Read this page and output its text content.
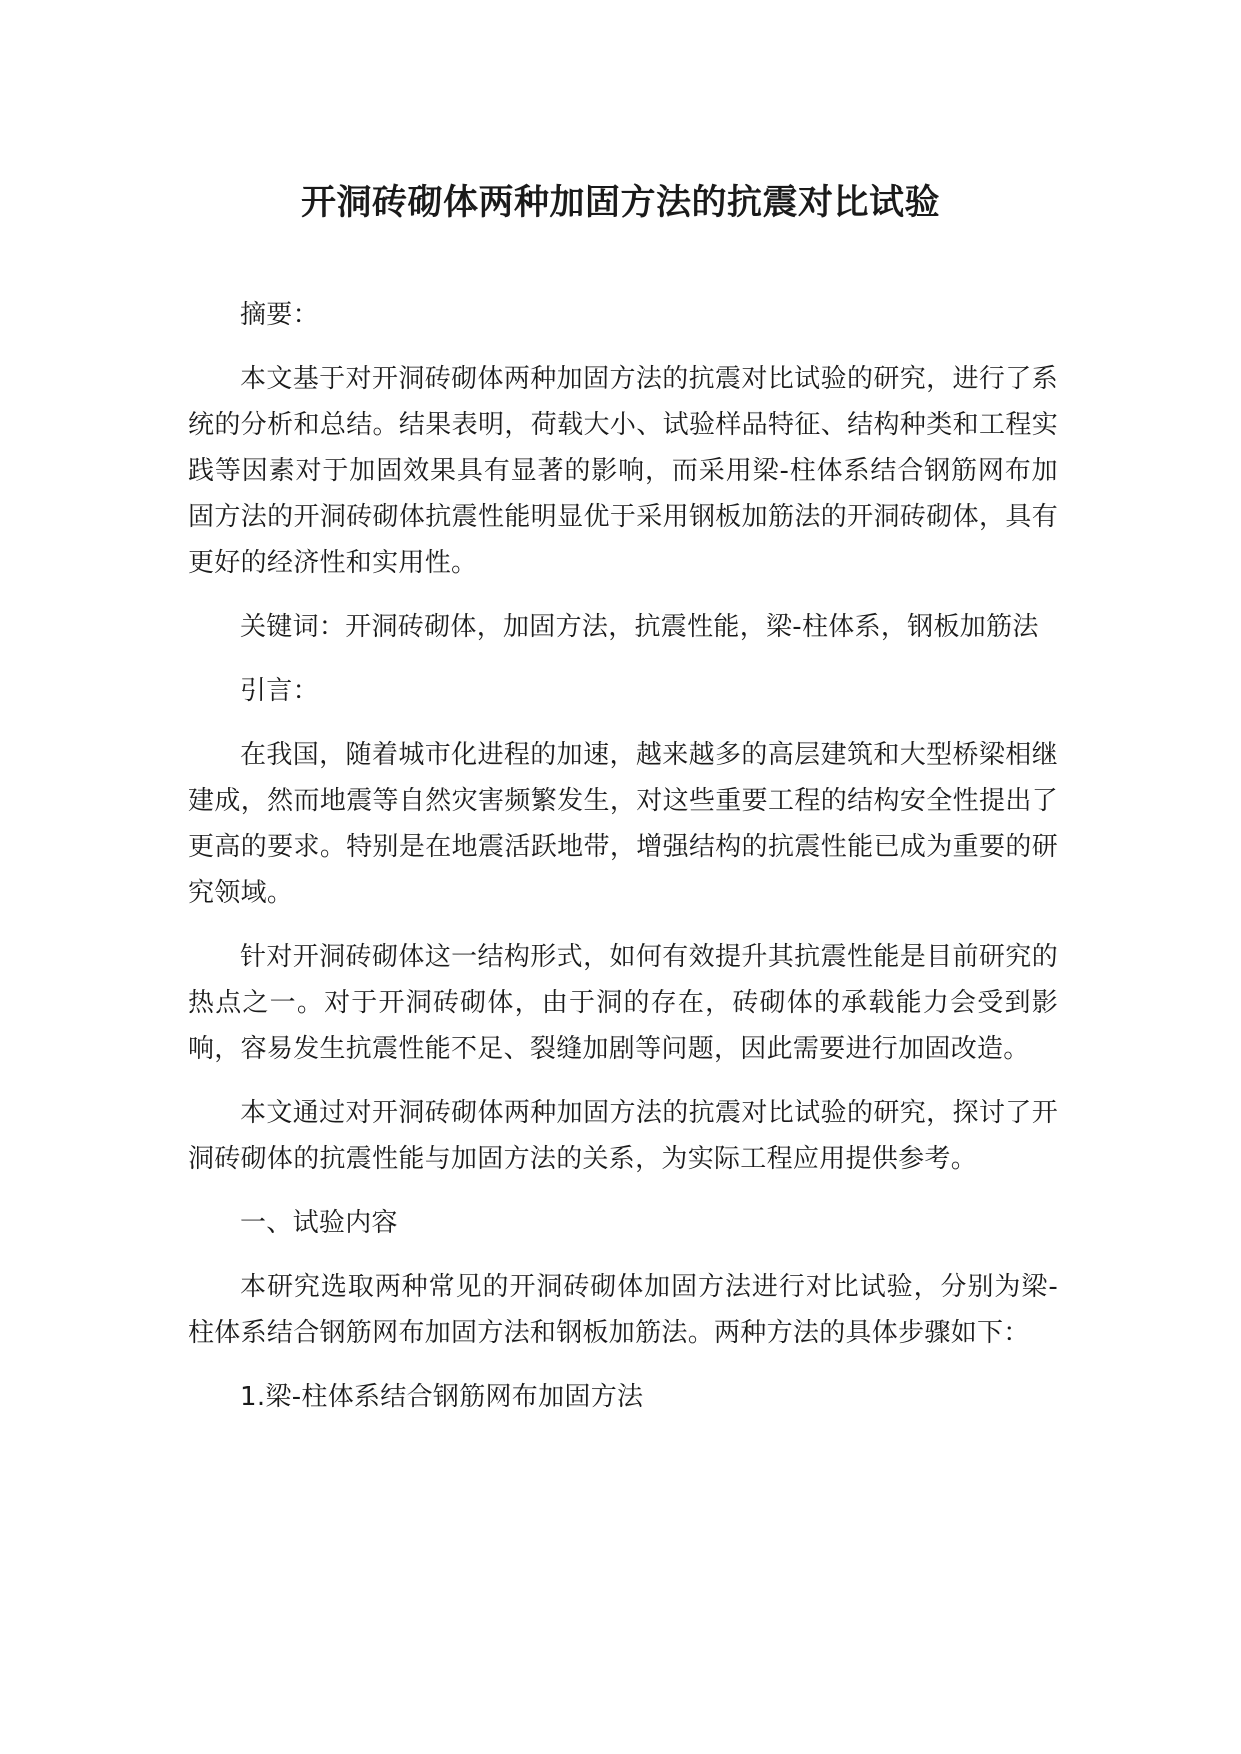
开洞砖砌体两种加固方法的抗震对比试验

摘要：

本文基于对开洞砖砌体两种加固方法的抗震对比试验的研究，进行了系统的分析和总结。结果表明，荷载大小、试验样品特征、结构种类和工程实践等因素对于加固效果具有显著的影响，而采用梁-柱体系结合钢筋网布加固方法的开洞砖砌体抗震性能明显优于采用钢板加筋法的开洞砖砌体，具有更好的经济性和实用性。

关键词：开洞砖砌体，加固方法，抗震性能，梁-柱体系，钢板加筋法

引言：

在我国，随着城市化进程的加速，越来越多的高层建筑和大型桥梁相继建成，然而地震等自然灾害频繁发生，对这些重要工程的结构安全性提出了更高的要求。特别是在地震活跃地带，增强结构的抗震性能已成为重要的研究领域。

针对开洞砖砌体这一结构形式，如何有效提升其抗震性能是目前研究的热点之一。对于开洞砖砌体，由于洞的存在，砖砌体的承载能力会受到影响，容易发生抗震性能不足、裂缝加剧等问题，因此需要进行加固改造。

本文通过对开洞砖砌体两种加固方法的抗震对比试验的研究，探讨了开洞砖砌体的抗震性能与加固方法的关系，为实际工程应用提供参考。

一、试验内容

本研究选取两种常见的开洞砖砌体加固方法进行对比试验，分别为梁-柱体系结合钢筋网布加固方法和钢板加筋法。两种方法的具体步骤如下：

1.梁-柱体系结合钢筋网布加固方法
